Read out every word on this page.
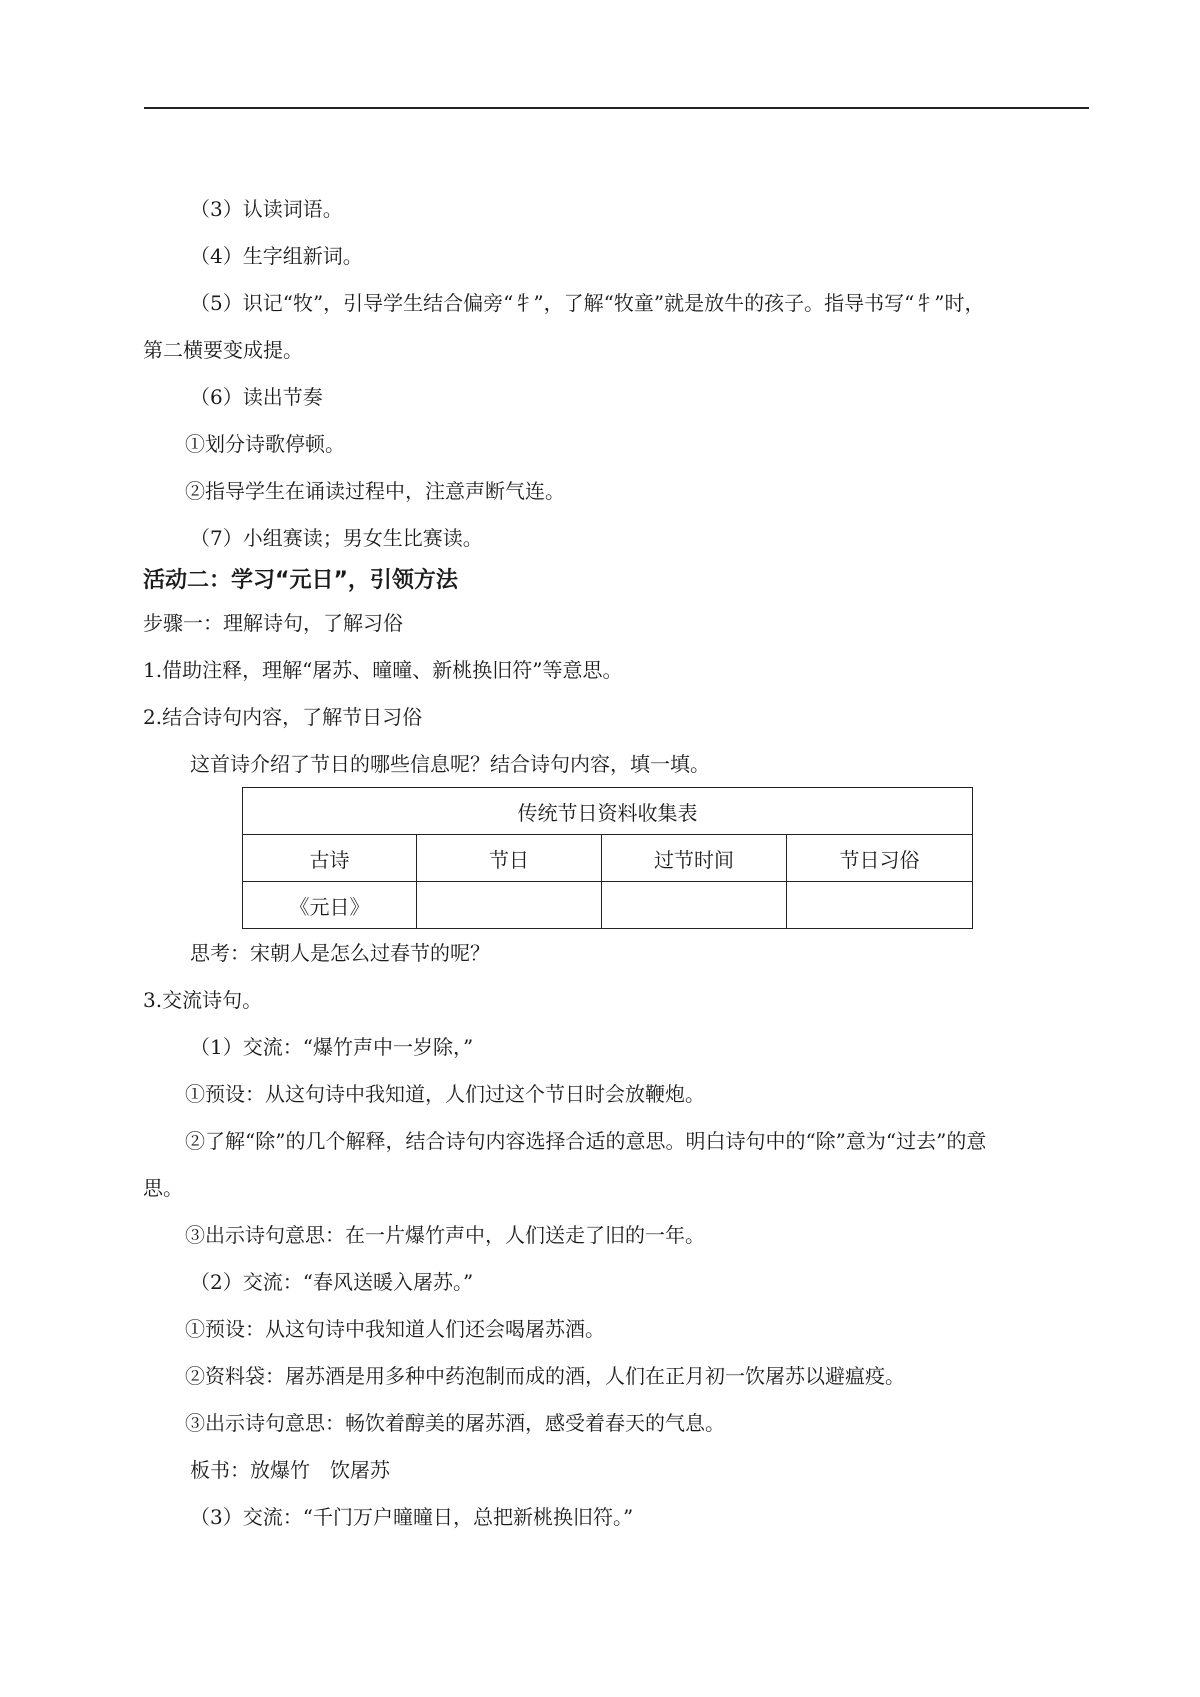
（3）认读词语。
（4）生字组新词。
（5）识记“牧”，引导学生结合偏旁“牜”，了解“牧童”就是放牛的孩子。指导书写“牜”时，
第二横要变成提。
（6）读出节奏
①划分诗歌停顿。
②指导学生在诵读过程中，注意声断气连。
（7）小组赛读；男女生比赛读。
活动二：学习“元日”，引领方法
步骤一：理解诗句，了解习俗
1.借助注释，理解“屠苏、曈曈、新桃换旧符”等意思。
2.结合诗句内容，了解节日习俗
这首诗介绍了节日的哪些信息呢？结合诗句内容，填一填。
传统节日资料收集表			
古诗	节日	过节时间	节日习俗
《元日》			
思考：宋朝人是怎么过春节的呢？
3.交流诗句。
（1）交流：“爆竹声中一岁除，”
①预设：从这句诗中我知道，人们过这个节日时会放鞭炮。
②了解“除”的几个解释，结合诗句内容选择合适的意思。明白诗句中的“除”意为“过去”的意
思。
③出示诗句意思：在一片爆竹声中，人们送走了旧的一年。
（2）交流：“春风送暖入屠苏。”
①预设：从这句诗中我知道人们还会喝屠苏酒。
②资料袋：屠苏酒是用多种中药泡制而成的酒，人们在正月初一饮屠苏以避瘟疫。
③出示诗句意思：畅饮着醇美的屠苏酒，感受着春天的气息。
板书：放爆竹　饮屠苏
（3）交流：“千门万户曈曈日，总把新桃换旧符。”
